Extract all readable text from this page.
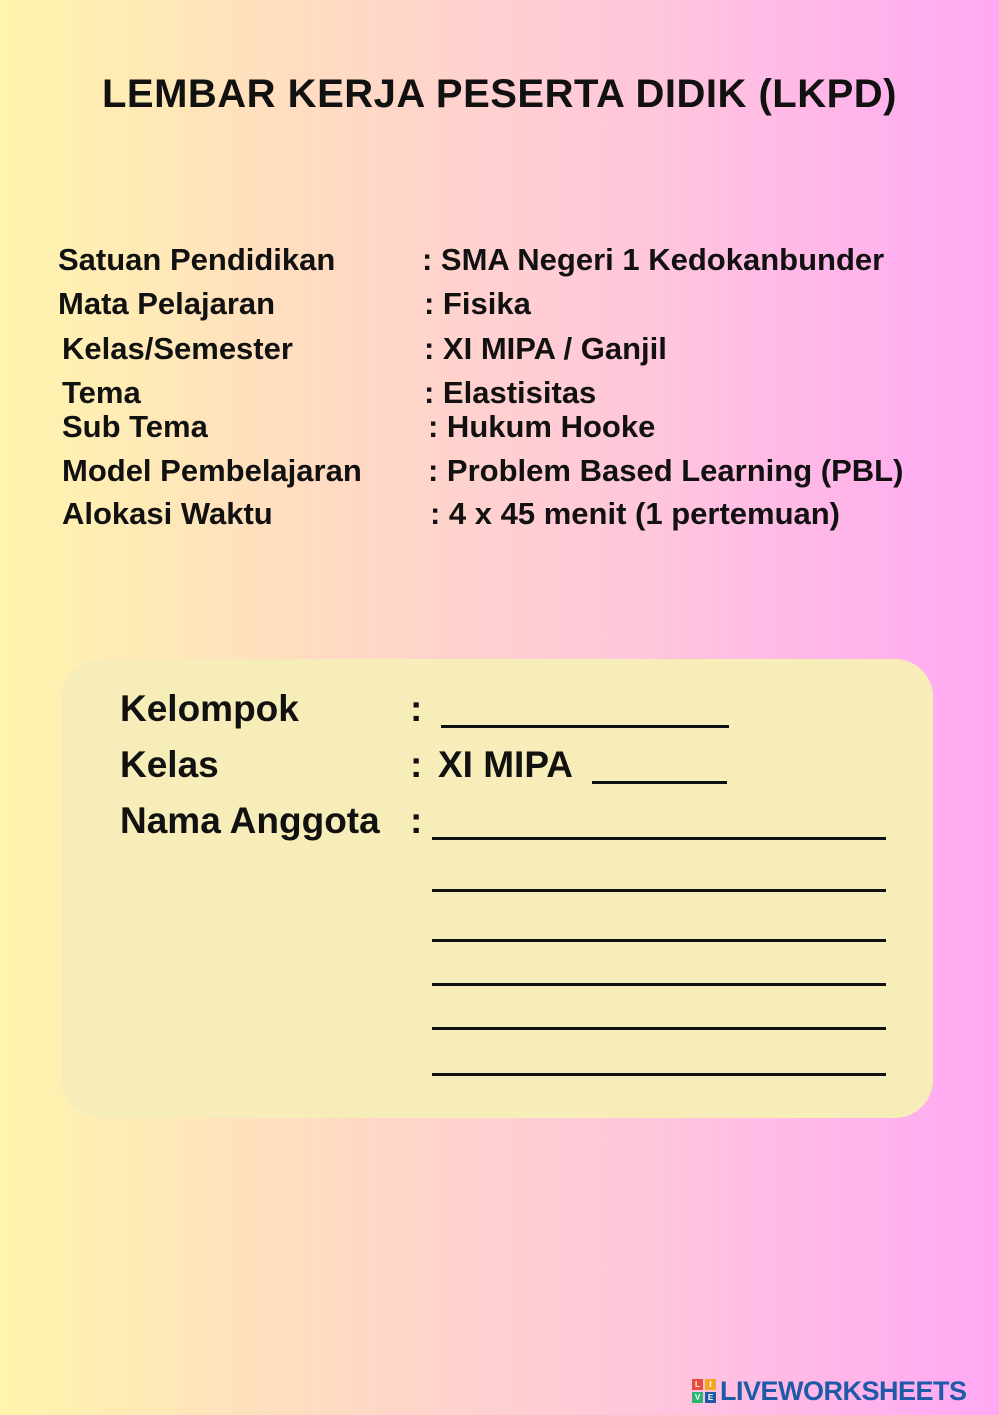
LEMBAR KERJA PESERTA DIDIK (LKPD)
Satuan Pendidikan	: SMA Negeri 1 Kedokanbunder
Mata Pelajaran	: Fisika
Kelas/Semester	: XI MIPA / Ganjil
Tema	: Elastisitas
Sub Tema	: Hukum Hooke
Model Pembelajaran : Problem Based Learning (PBL)
Alokasi Waktu	: 4 x 45 menit (1 pertemuan)
Kelompok	:
Kelas	: XI MIPA
Nama Anggota :
L	I
V E LIVEWORKSHEETS
